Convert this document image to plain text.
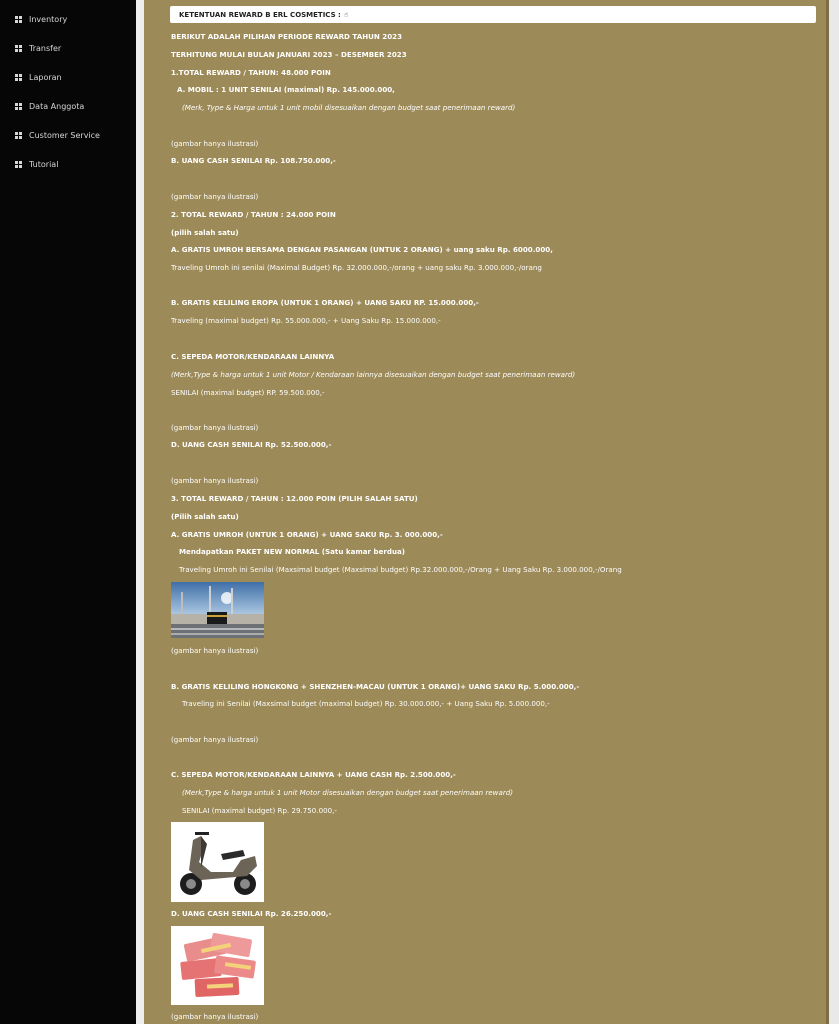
Inventory
Transfer
Laporan
Data Anggota
Customer Service
Tutorial
KETENTUAN REWARD B ERL COSMETICS : ☝
BERIKUT ADALAH PILIHAN PERIODE REWARD TAHUN 2023
TERHITUNG MULAI BULAN JANUARI 2023 – DESEMBER 2023
1.TOTAL REWARD / TAHUN: 48.000 POIN
A. MOBIL : 1 UNIT SENILAI (maximal) Rp. 145.000.000,
(Merk, Type & Harga untuk 1 unit mobil disesuaikan dengan budget saat penerimaan reward)
(gambar hanya ilustrasi)
B. UANG CASH SENILAI Rp. 108.750.000,-
(gambar hanya ilustrasi)
2. TOTAL REWARD / TAHUN : 24.000 POIN
(pilih salah satu)
A. GRATIS UMROH BERSAMA DENGAN PASANGAN (UNTUK 2 ORANG) + uang saku Rp. 6000.000,
Traveling Umroh ini senilai (Maximal Budget) Rp. 32.000.000,-/orang + uang saku Rp. 3.000.000,-/orang
B. GRATIS KELILING EROPA (UNTUK 1 ORANG) + UANG SAKU RP. 15.000.000,-
Traveling (maximal budget) Rp. 55.000.000,- + Uang Saku Rp. 15.000.000,-
C. SEPEDA MOTOR/KENDARAAN LAINNYA
(Merk,Type & harga untuk 1 unit Motor / Kendaraan lainnya disesuaikan dengan budget saat penerimaan reward)
SENILAI (maximal budget) RP. 59.500.000,-
(gambar hanya ilustrasi)
D. UANG CASH SENILAI Rp. 52.500.000,-
(gambar hanya ilustrasi)
3. TOTAL REWARD / TAHUN : 12.000 POIN (PILIH SALAH SATU)
(Pilih salah satu)
A. GRATIS UMROH (UNTUK 1 ORANG) + UANG SAKU Rp. 3. 000.000,-
Mendapatkan PAKET NEW NORMAL (Satu kamar berdua)
Traveling Umroh ini Senilai (Maxsimal budget (Maxsimal budget) Rp.32.000.000,-/Orang + Uang Saku Rp. 3.000.000,-/Orang
(gambar hanya ilustrasi)
B. GRATIS KELILING HONGKONG + SHENZHEN-MACAU (UNTUK 1 ORANG)+ UANG SAKU Rp. 5.000.000,-
Traveling ini Senilai (Maxsimal budget (maximal budget) Rp. 30.000.000,- + Uang Saku Rp. 5.000.000,-
(gambar hanya ilustrasi)
C. SEPEDA MOTOR/KENDARAAN LAINNYA + UANG CASH Rp. 2.500.000,-
(Merk,Type & harga untuk 1 unit Motor disesuaikan dengan budget saat penerimaan reward)
SENILAI (maximal budget) Rp. 29.750.000,-
D. UANG CASH SENILAI Rp. 26.250.000,-
(gambar hanya ilustrasi)
